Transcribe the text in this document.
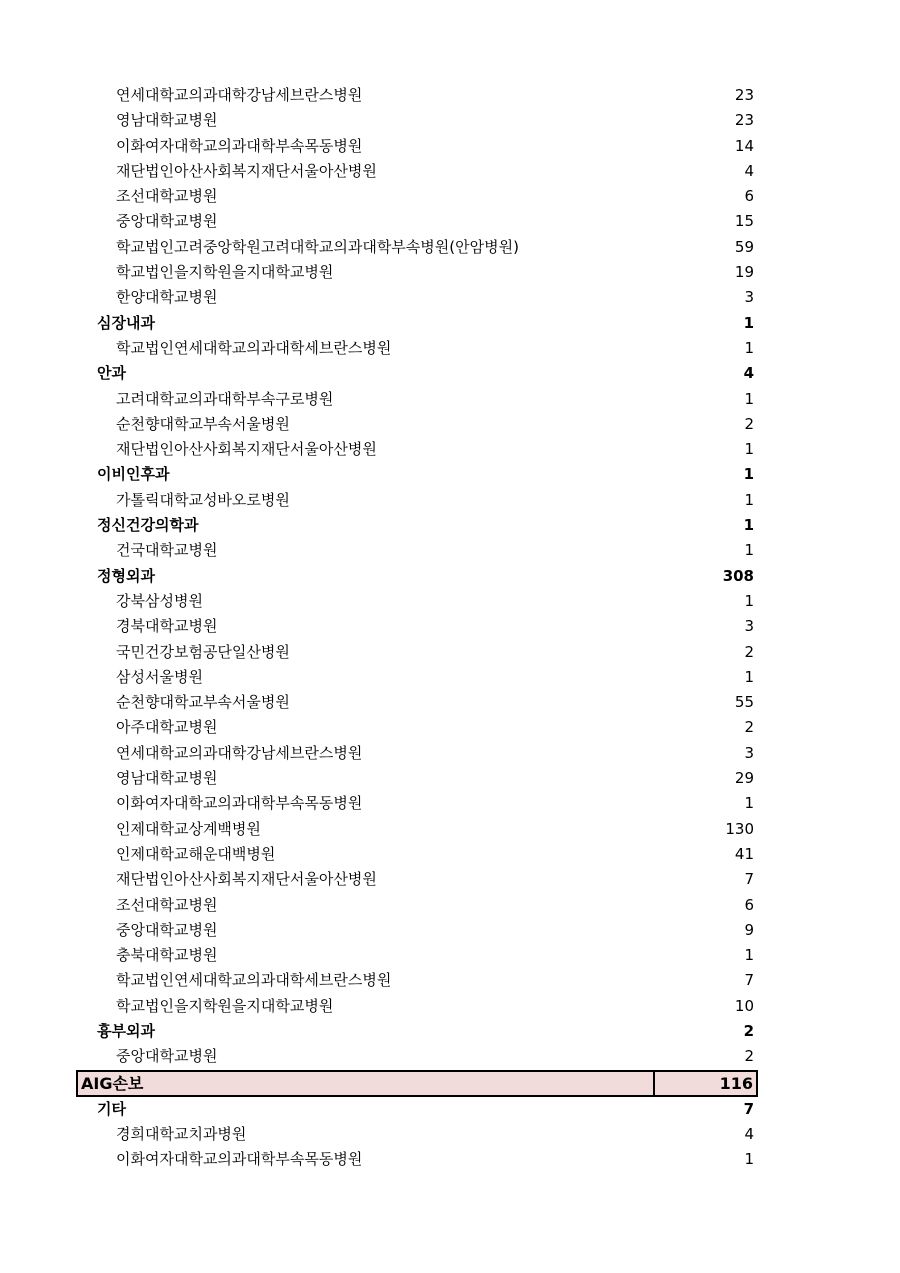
연세대학교의과대학강남세브란스병원	23
영남대학교병원	23
이화여자대학교의과대학부속목동병원	14
재단법인아산사회복지재단서울아산병원	4
조선대학교병원	6
중앙대학교병원	15
학교법인고려중앙학원고려대학교의과대학부속병원(안암병원)	59
학교법인을지학원을지대학교병원	19
한양대학교병원	3
심장내과	1
학교법인연세대학교의과대학세브란스병원	1
안과	4
고려대학교의과대학부속구로병원	1
순천향대학교부속서울병원	2
재단법인아산사회복지재단서울아산병원	1
이비인후과	1
가톨릭대학교성바오로병원	1
정신건강의학과	1
건국대학교병원	1
정형외과	308
강북삼성병원	1
경북대학교병원	3
국민건강보험공단일산병원	2
삼성서울병원	1
순천향대학교부속서울병원	55
아주대학교병원	2
연세대학교의과대학강남세브란스병원	3
영남대학교병원	29
이화여자대학교의과대학부속목동병원	1
인제대학교상계백병원	130
인제대학교해운대백병원	41
재단법인아산사회복지재단서울아산병원	7
조선대학교병원	6
중앙대학교병원	9
충북대학교병원	1
학교법인연세대학교의과대학세브란스병원	7
학교법인을지학원을지대학교병원	10
흉부외과	2
중앙대학교병원	2
AIG손보	116
기타	7
경희대학교치과병원	4
이화여자대학교의과대학부속목동병원	1
